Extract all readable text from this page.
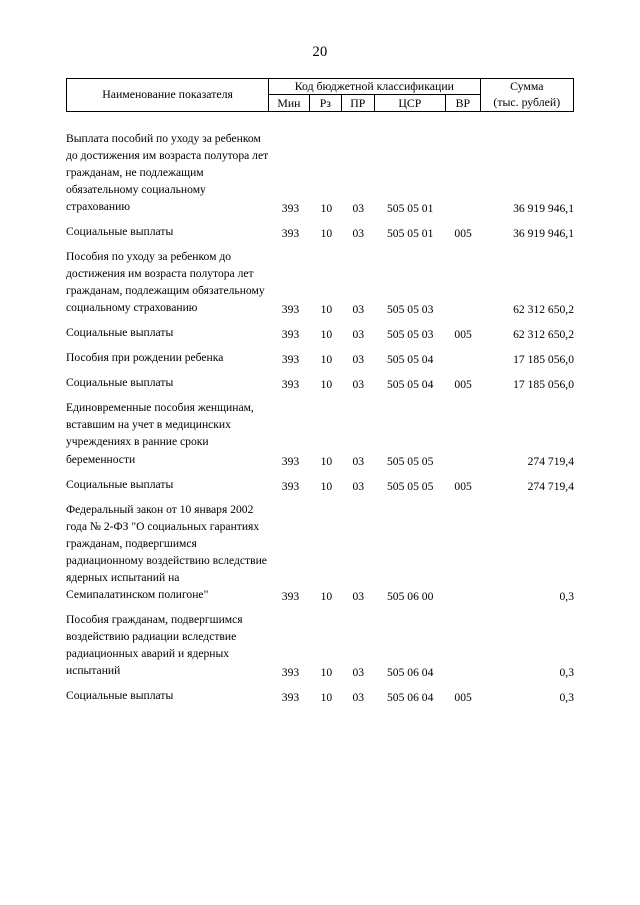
20
Наименование показателя	Код бюджетной классификации					Сумма
(тыс. рублей)

	Мин	Рз	ПР	ЦСР	ВР	
Выплата пособий по уходу за ребенком до достижения им возраста полутора лет гражданам, не подлежащим обязательному социальному страхованию	393	10	03	505 05 01		36 919 946,1

Социальные выплаты	393	10	03	505 05 01	005	36 919 946,1

Пособия по уходу за ребенком до достижения им возраста полутора лет гражданам, подлежащим обязательному социальному страхованию	393	10	03	505 05 03		62 312 650,2

Социальные выплаты	393	10	03	505 05 03	005	62 312 650,2

Пособия при рождении ребенка	393	10	03	505 05 04		17 185 056,0

Социальные выплаты	393	10	03	505 05 04	005	17 185 056,0

Единовременные пособия женщинам, вставшим на учет в медицинских учреждениях в ранние сроки беременности	393	10	03	505 05 05		274 719,4

Социальные выплаты	393	10	03	505 05 05	005	274 719,4

Федеральный закон от 10 января 2002 года № 2-ФЗ "О социальных гарантиях гражданам, подвергшимся радиационному воздействию вследствие ядерных испытаний на Семипалатинском полигоне"	393	10	03	505 06 00		0,3

Пособия гражданам, подвергшимся воздействию радиации вследствие радиационных аварий и ядерных испытаний	393	10	03	505 06 04		0,3

Социальные выплаты	393	10	03	505 06 04	005	0,3
